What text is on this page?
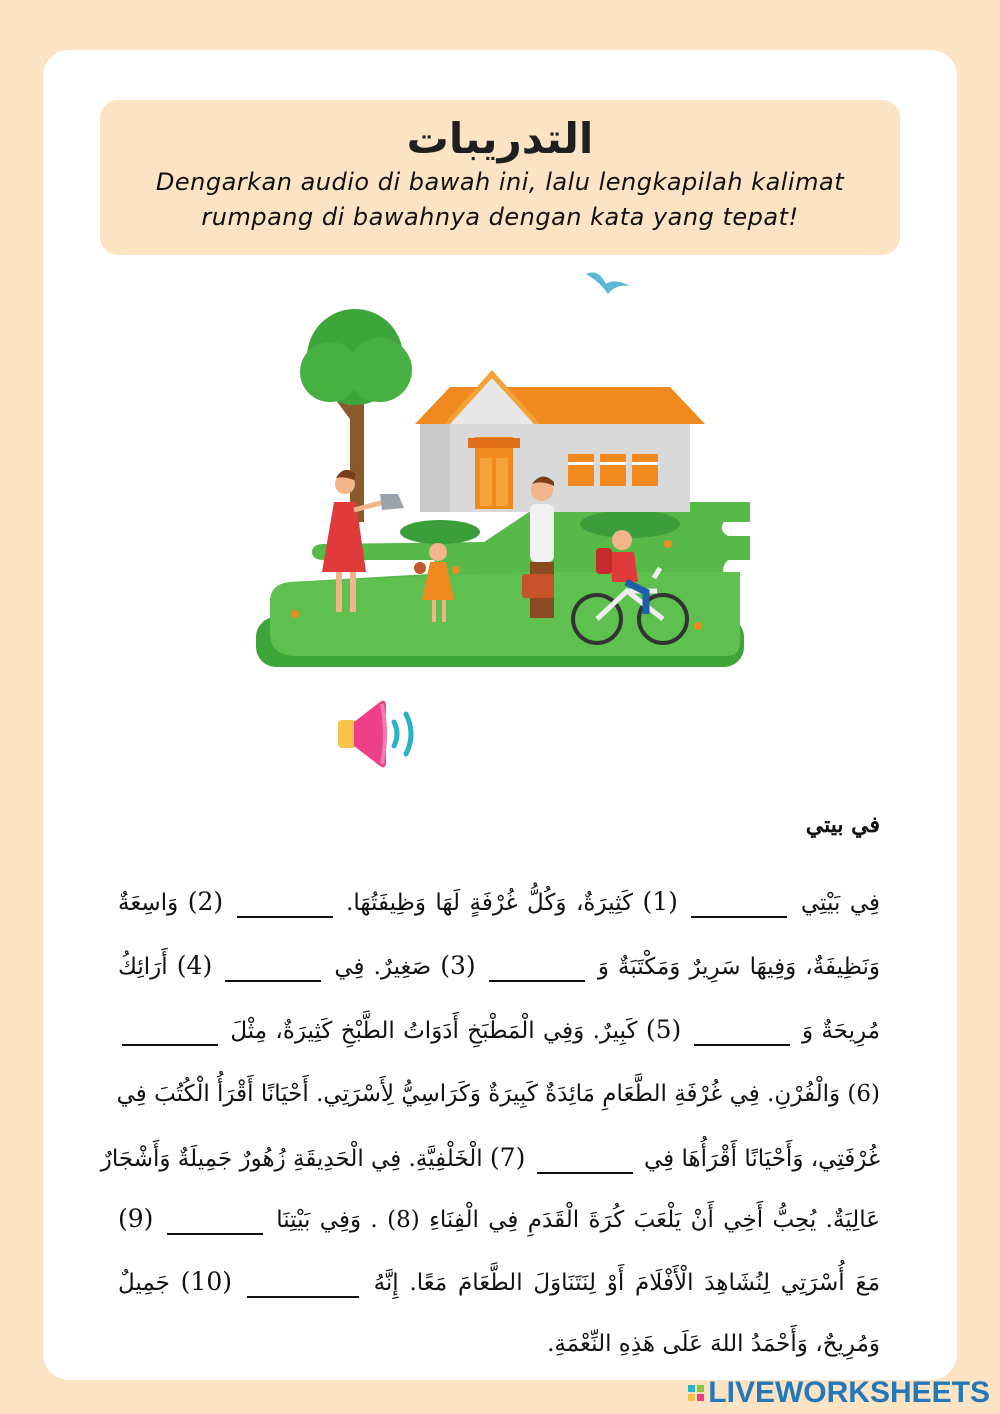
التدريبات

Dengarkan audio di bawah ini, lalu lengkapilah kalimat
rumpang di bawahnya dengan kata yang tepat!

في بيتي
فِي بَيْتِي  (1) كَثِيرَةٌ، وَكُلُّ غُرْفَةٍ لَهَا وَظِيفَتُهَا.  (2) وَاسِعَةٌ
وَنَظِيفَةٌ، وَفِيهَا سَرِيرٌ وَمَكْتَبَةٌ وَ  (3) صَغِيرٌ. فِي  (4) أَرَائِكُ
مُرِيحَةٌ وَ  (5) كَبِيرٌ. وَفِي الْمَطْبَخِ أَدَوَاتُ الطَّبْخِ كَثِيرَةٌ، مِثْلَ
(6) وَالْفُرْنِ. فِي غُرْفَةِ الطَّعَامِ مَائِدَةٌ كَبِيرَةٌ وَكَرَاسِيُّ لِأَسْرَتِي. أَحْيَانًا أَقْرَأُ الْكُتُبَ فِي
غُرْفَتِي، وَأَحْيَانًا أَقْرَأُهَا فِي  (7) الْخَلْفِيَّةِ. فِي الْحَدِيقَةِ زُهُورٌ جَمِيلَةٌ وَأَشْجَارٌ
عَالِيَةٌ. يُحِبُّ أَخِي أَنْ يَلْعَبَ كُرَةَ الْقَدَمِ فِي الْفِنَاءِ (8) . وَفِي بَيْتِنَا  (9)
مَعَ أُسْرَتِي لِنُشَاهِدَ الْأَفْلَامَ أَوْ لِنَتَنَاوَلَ الطَّعَامَ مَعًا. إِنَّهُ  (10) جَمِيلٌ
وَمُرِيحٌ، وَأَحْمَدُ اللهَ عَلَى هَذِهِ النِّعْمَةِ.
LIVEWORKSHEETS
